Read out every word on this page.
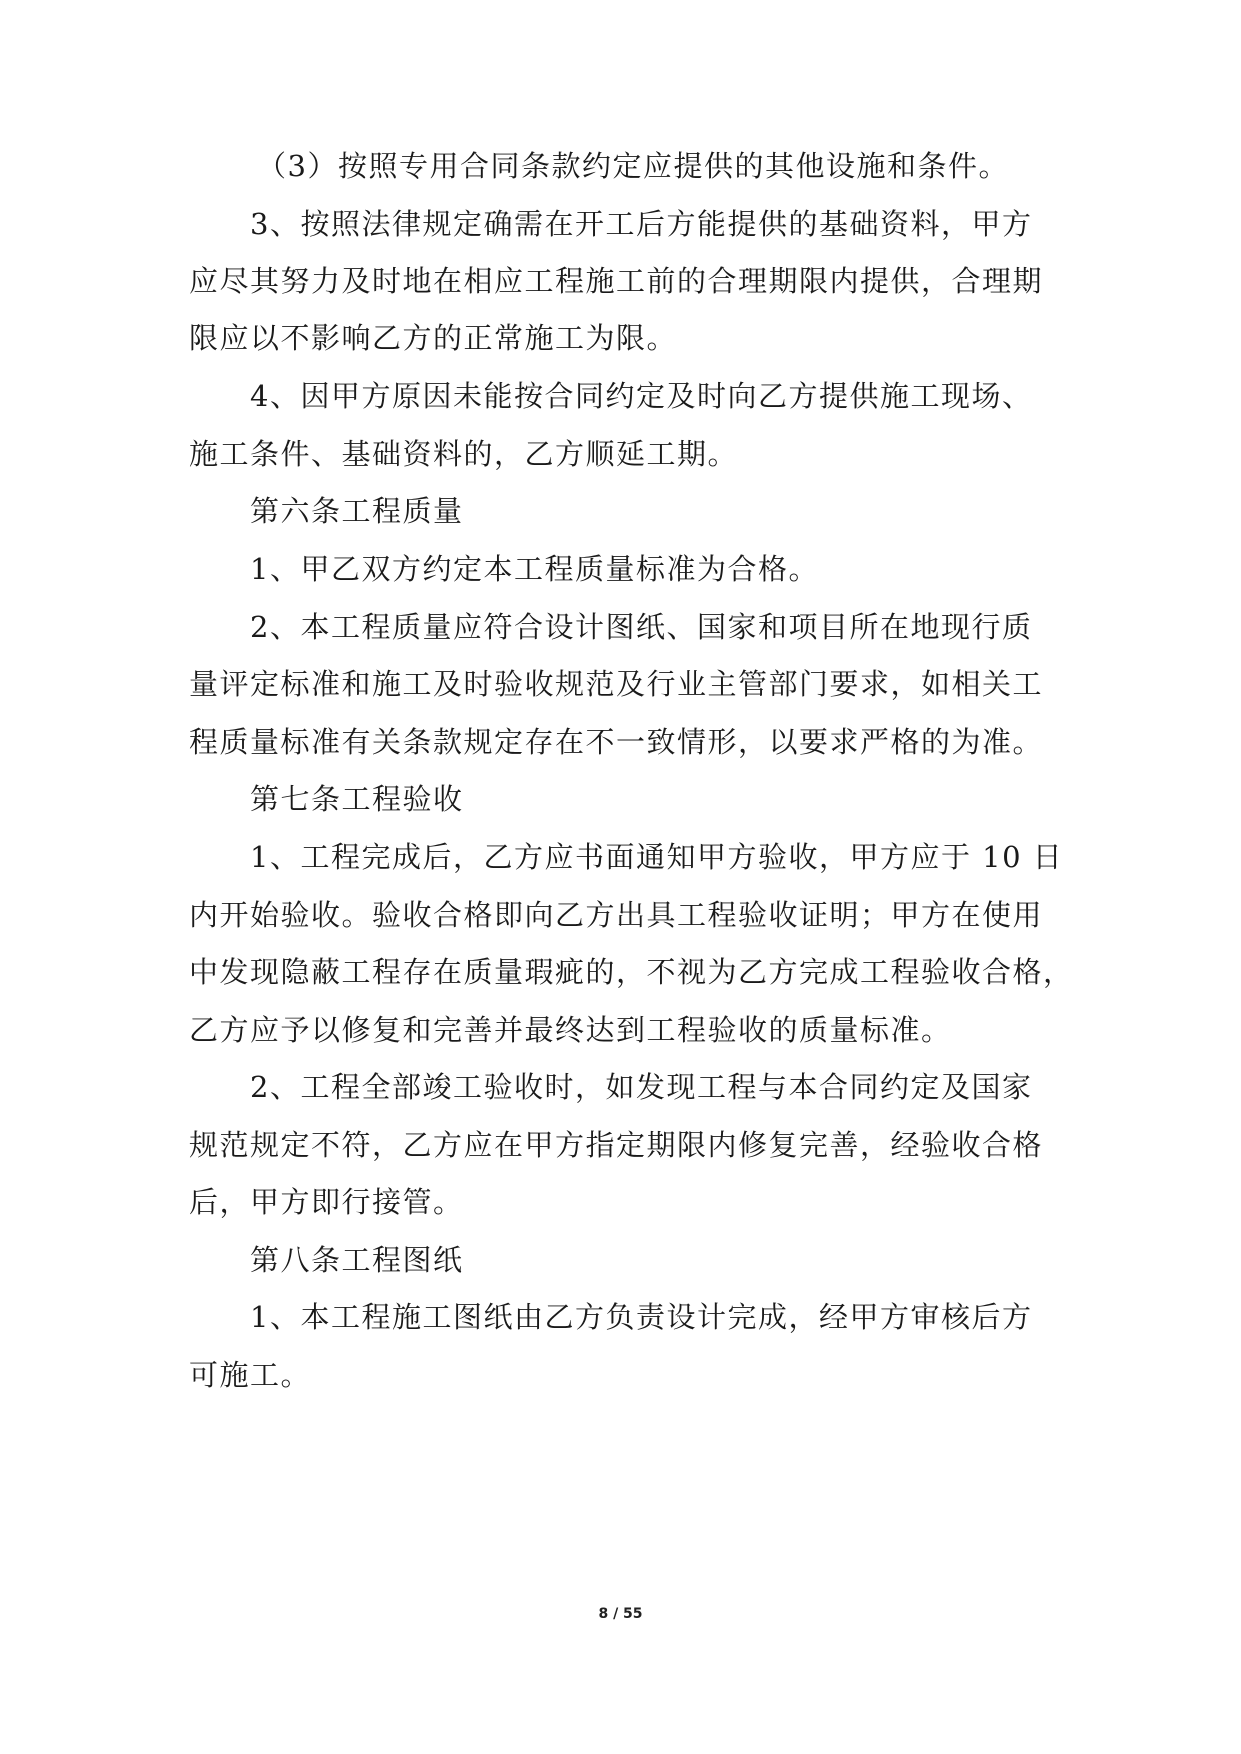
（3）按照专用合同条款约定应提供的其他设施和条件。
3、按照法律规定确需在开工后方能提供的基础资料，甲方
应尽其努力及时地在相应工程施工前的合理期限内提供，合理期
限应以不影响乙方的正常施工为限。
4、因甲方原因未能按合同约定及时向乙方提供施工现场、
施工条件、基础资料的，乙方顺延工期。
第六条工程质量
1、甲乙双方约定本工程质量标准为合格。
2、本工程质量应符合设计图纸、国家和项目所在地现行质
量评定标准和施工及时验收规范及行业主管部门要求，如相关工
程质量标准有关条款规定存在不一致情形，以要求严格的为准。
第七条工程验收
1、工程完成后，乙方应书面通知甲方验收，甲方应于 10 日
内开始验收。验收合格即向乙方出具工程验收证明；甲方在使用
中发现隐蔽工程存在质量瑕疵的，不视为乙方完成工程验收合格，
乙方应予以修复和完善并最终达到工程验收的质量标准。
2、工程全部竣工验收时，如发现工程与本合同约定及国家
规范规定不符，乙方应在甲方指定期限内修复完善，经验收合格
后，甲方即行接管。
第八条工程图纸
1、本工程施工图纸由乙方负责设计完成，经甲方审核后方
可施工。
8 / 55
